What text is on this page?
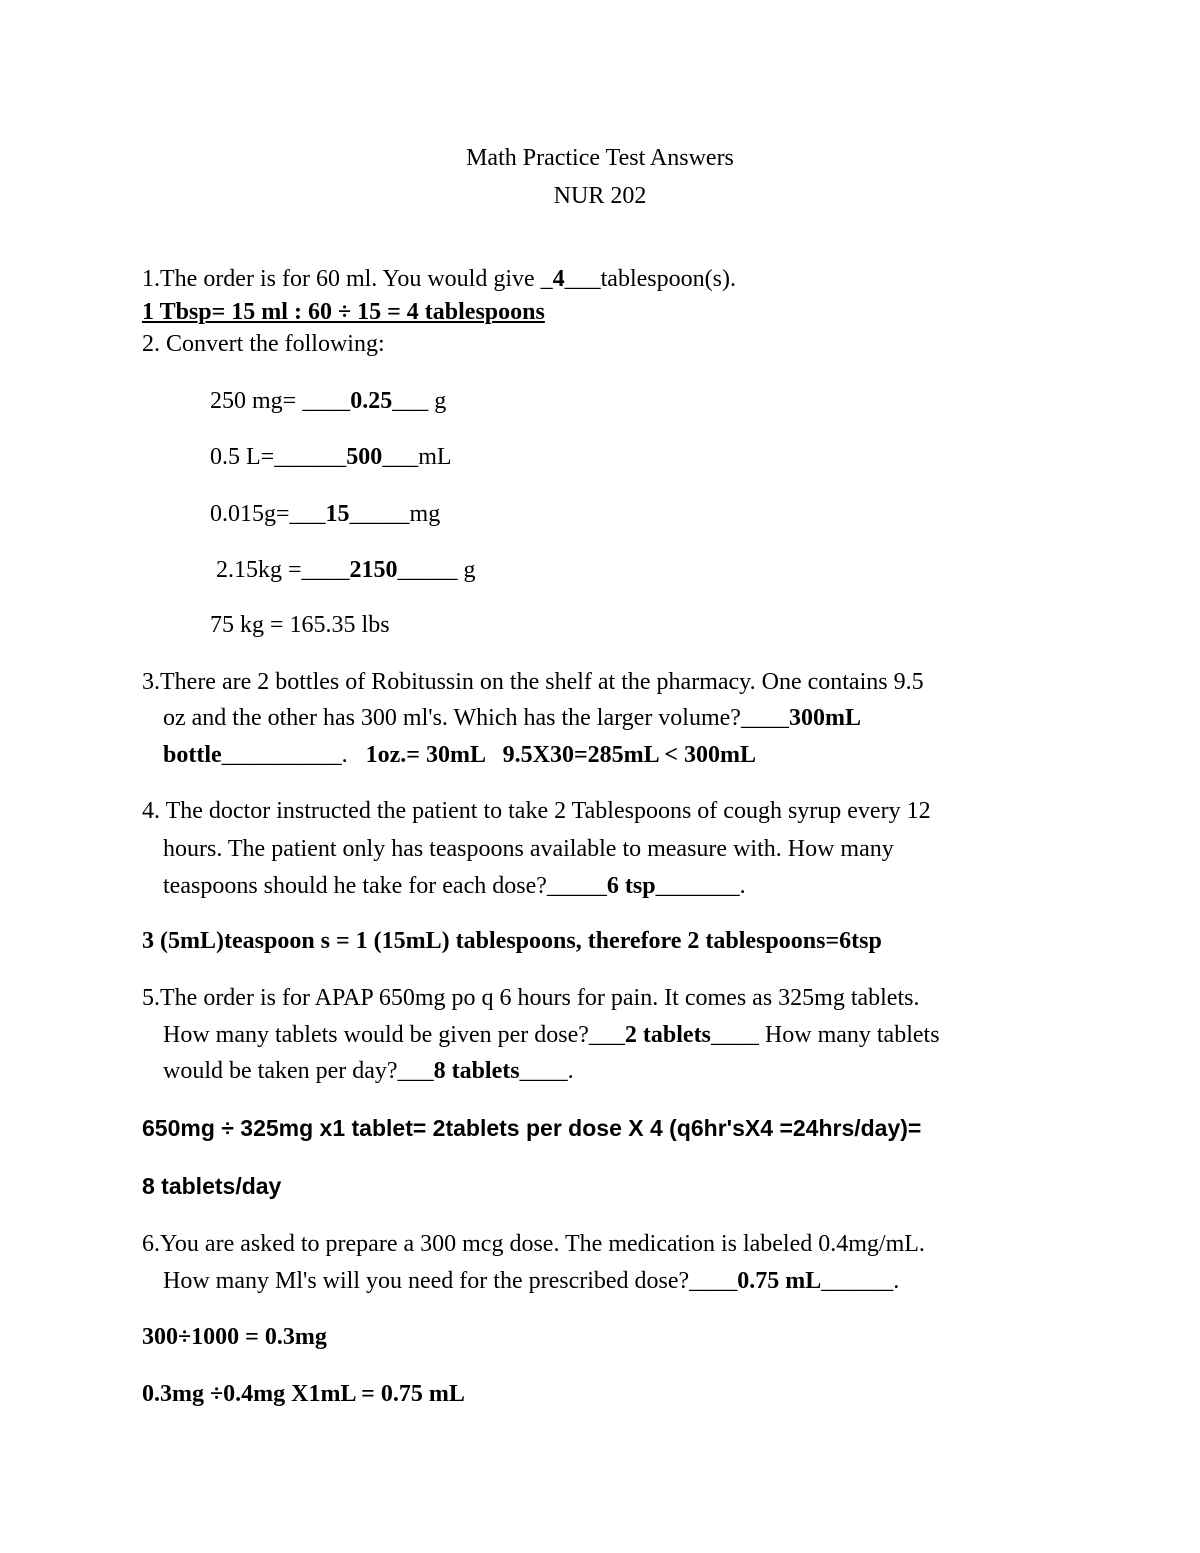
Math Practice Test Answers
NUR 202
1.The order is for 60 ml. You would give _4___tablespoon(s).
1 Tbsp= 15 ml : 60 ÷ 15 = 4 tablespoons
2. Convert the following:
250 mg= ____0.25___ g
0.5 L=______500___mL
0.015g=___15_____mg
2.15kg =____2150_____ g
75 kg = 165.35 lbs
3.There are 2 bottles of Robitussin on the shelf at the pharmacy. One contains 9.5
oz and the other has 300 ml's. Which has the larger volume?____300mL
bottle__________.   1oz.= 30mL   9.5X30=285mL < 300mL
4. The doctor instructed the patient to take 2 Tablespoons of cough syrup every 12
hours. The patient only has teaspoons available to measure with. How many
teaspoons should he take for each dose?_____6 tsp_______.
3 (5mL)teaspoon s = 1 (15mL) tablespoons, therefore 2 tablespoons=6tsp
5.The order is for APAP 650mg po q 6 hours for pain. It comes as 325mg tablets.
How many tablets would be given per dose?___2 tablets____ How many tablets
would be taken per day?___8 tablets____.
650mg ÷ 325mg x1 tablet= 2tablets per dose X 4 (q6hr'sX4 =24hrs/day)=
8 tablets/day
6.You are asked to prepare a 300 mcg dose. The medication is labeled 0.4mg/mL.
How many Ml's will you need for the prescribed dose?____0.75 mL______.
300÷1000 = 0.3mg
0.3mg ÷0.4mg X1mL = 0.75 mL
